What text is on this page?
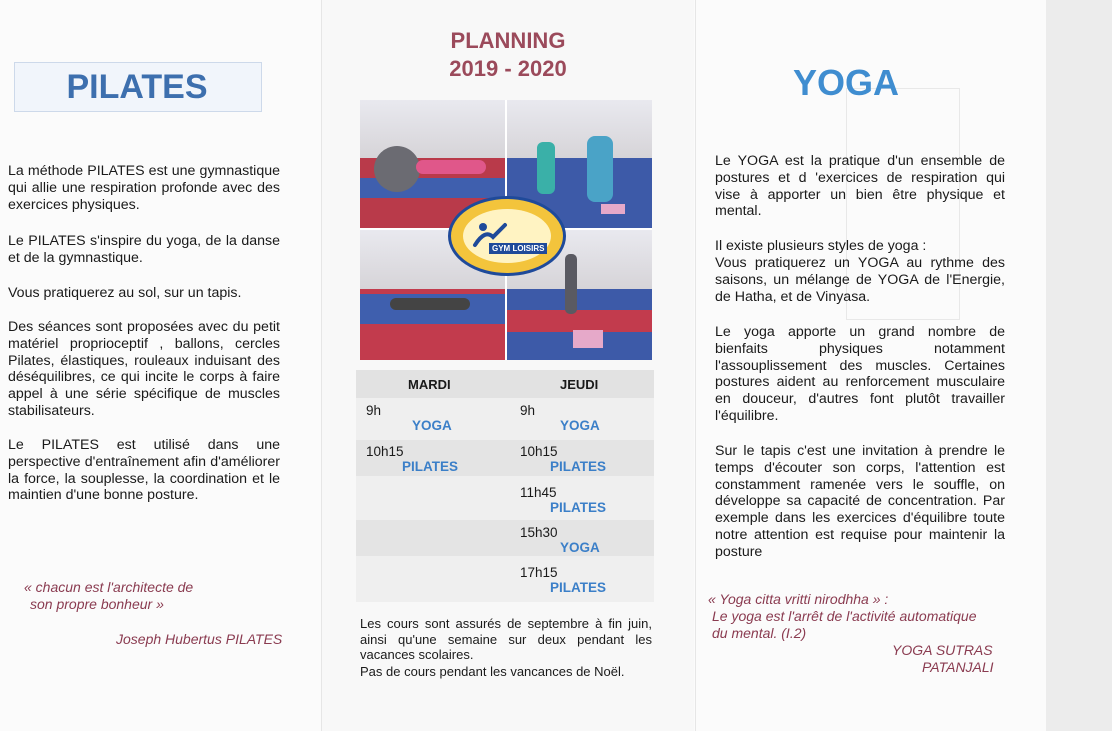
PILATES

La méthode PILATES est une gymnastique qui allie une respiration profonde avec des exercices physiques.

Le PILATES s'inspire du yoga, de la danse et de la gymnastique.

Vous pratiquerez au sol, sur un tapis.

Des séances sont proposées avec du petit matériel proprioceptif , ballons, cercles Pilates, élastiques, rouleaux induisant des déséquilibres, ce qui incite le corps à faire appel à une série spécifique de muscles stabilisateurs.

Le PILATES est utilisé dans une perspective d'entraînement afin d'améliorer la force, la souplesse, la coordination et le maintien d'une bonne posture.

« chacun est l'architecte de

son propre bonheur »

Joseph Hubertus PILATES

PLANNING
2019 - 2020
GYM LOISIRS
MARDI	JEUDI
9h
YOGA
10h15
PILATES
9h
YOGA
10h15
PILATES
11h45
PILATES
15h30
YOGA
17h15
PILATES

Les cours sont assurés de septembre à fin juin, ainsi qu'une semaine sur deux pendant les vacances scolaires.

Pas de cours pendant les vancances de Noël.

YOGA

Le YOGA est la pratique d'un ensemble de postures et d 'exercices de respiration qui vise à apporter un bien être physique et mental.

Il existe plusieurs styles de yoga :

Vous pratiquerez un YOGA au rythme des saisons, un mélange de YOGA de l'Energie, de Hatha, et de Vinyasa.

Le yoga apporte un grand nombre de bienfaits physiques notamment l'assouplissement des muscles. Certaines postures aident au renforcement musculaire en douceur, d'autres font plutôt travailler l'équilibre.

Sur le tapis c'est une invitation à prendre le temps d'écouter son corps, l'attention est constamment ramenée vers le souffle, on développe sa capacité de concentration. Par exemple dans les exercices d'équilibre toute notre attention est requise pour maintenir la posture

« Yoga citta vritti nirodhha » :

Le yoga est l'arrêt de l'activité automatique

du mental. (I.2)

YOGA SUTRAS

PATANJALI
